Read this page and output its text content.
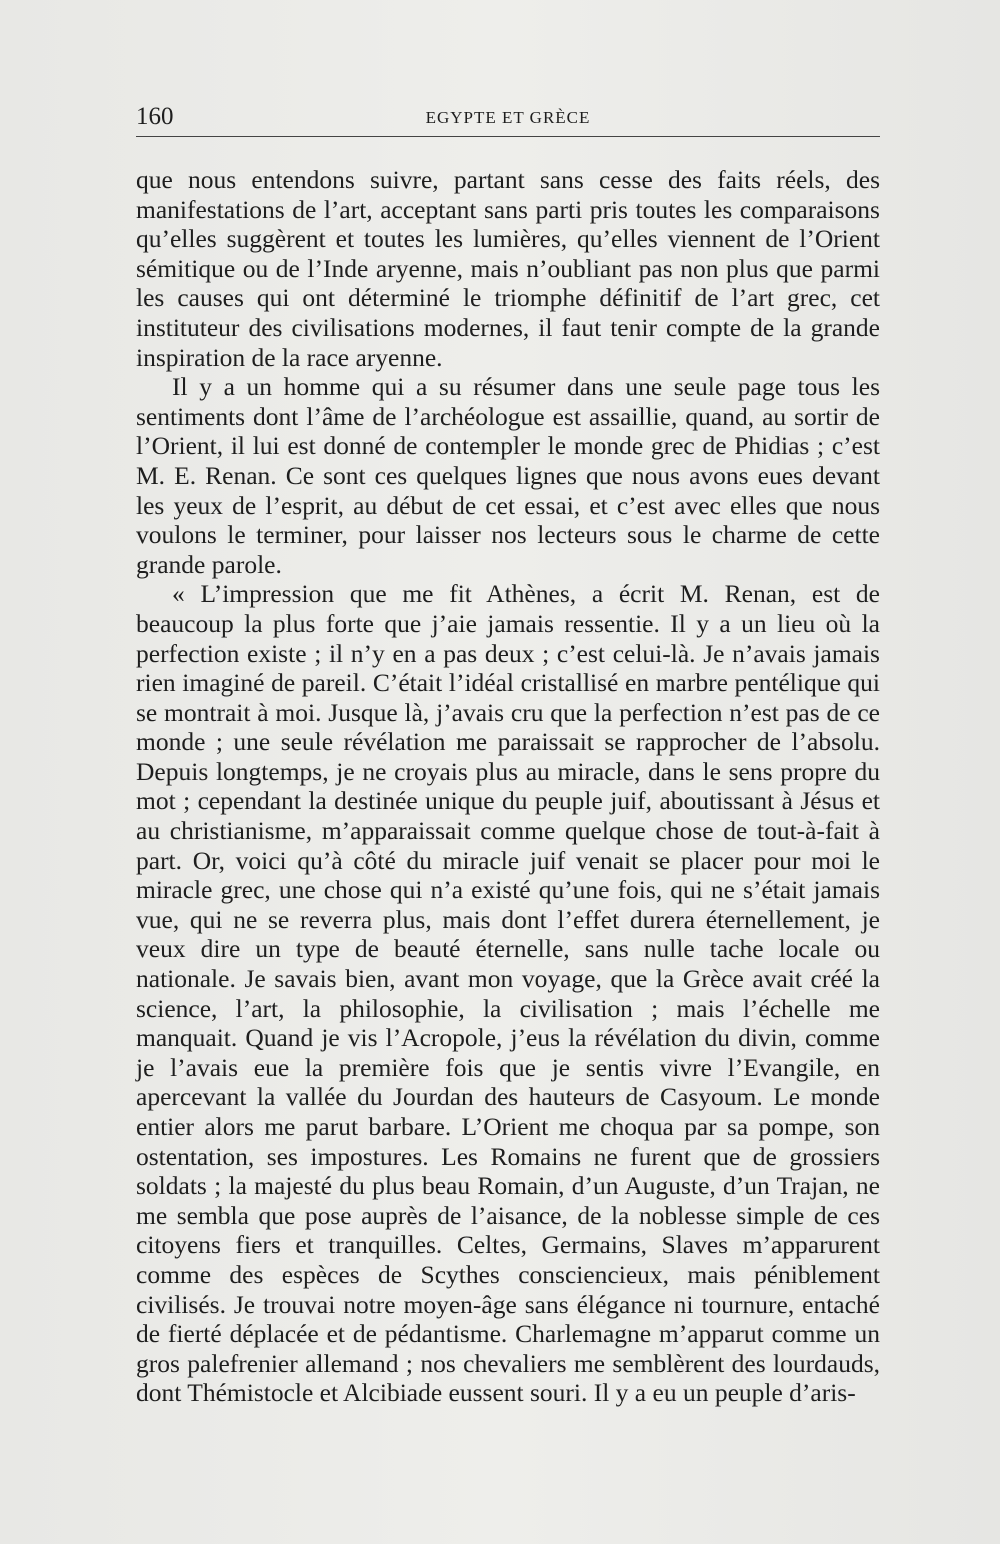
160	EGYPTE ET GRÈCE

que nous entendons suivre, partant sans cesse des faits réels, des manifestations de l’art, acceptant sans parti pris toutes les comparaisons qu’elles suggèrent et toutes les lumières, qu’elles viennent de l’Orient sémitique ou de l’Inde aryenne, mais n’oubliant pas non plus que parmi les causes qui ont déterminé le triomphe définitif de l’art grec, cet instituteur des civilisations modernes, il faut tenir compte de la grande inspiration de la race aryenne.

Il y a un homme qui a su résumer dans une seule page tous les sentiments dont l’âme de l’archéologue est assaillie, quand, au sortir de l’Orient, il lui est donné de contempler le monde grec de Phidias ; c’est M. E. Renan. Ce sont ces quelques lignes que nous avons eues devant les yeux de l’esprit, au début de cet essai, et c’est avec elles que nous voulons le terminer, pour laisser nos lecteurs sous le charme de cette grande parole.

« L’impression que me fit Athènes, a écrit M. Renan, est de beaucoup la plus forte que j’aie jamais ressentie. Il y a un lieu où la perfection existe ; il n’y en a pas deux ; c’est celui-là. Je n’avais jamais rien imaginé de pareil. C’était l’idéal cristallisé en marbre pentélique qui se montrait à moi. Jusque là, j’avais cru que la perfection n’est pas de ce monde ; une seule révélation me paraissait se rapprocher de l’absolu. Depuis longtemps, je ne croyais plus au miracle, dans le sens propre du mot ; cependant la destinée unique du peuple juif, aboutissant à Jésus et au christianisme, m’apparaissait comme quelque chose de tout-à-fait à part. Or, voici qu’à côté du miracle juif venait se placer pour moi le miracle grec, une chose qui n’a existé qu’une fois, qui ne s’était jamais vue, qui ne se reverra plus, mais dont l’effet durera éternellement, je veux dire un type de beauté éternelle, sans nulle tache locale ou nationale. Je savais bien, avant mon voyage, que la Grèce avait créé la science, l’art, la philosophie, la civilisation ; mais l’échelle me manquait. Quand je vis l’Acropole, j’eus la révélation du divin, comme je l’avais eue la première fois que je sentis vivre l’Evangile, en apercevant la vallée du Jourdan des hauteurs de Casyoum. Le monde entier alors me parut barbare. L’Orient me choqua par sa pompe, son ostentation, ses impostures. Les Romains ne furent que de grossiers soldats ; la majesté du plus beau Romain, d’un Auguste, d’un Trajan, ne me sembla que pose auprès de l’aisance, de la noblesse simple de ces citoyens fiers et tranquilles. Celtes, Germains, Slaves m’apparurent comme des espèces de Scythes consciencieux, mais péniblement civilisés. Je trouvai notre moyen-âge sans élégance ni tournure, entaché de fierté déplacée et de pédantisme. Charlemagne m’apparut comme un gros palefrenier allemand ; nos chevaliers me semblèrent des lourdauds, dont Thémistocle et Alcibiade eussent souri. Il y a eu un peuple d’aris-
